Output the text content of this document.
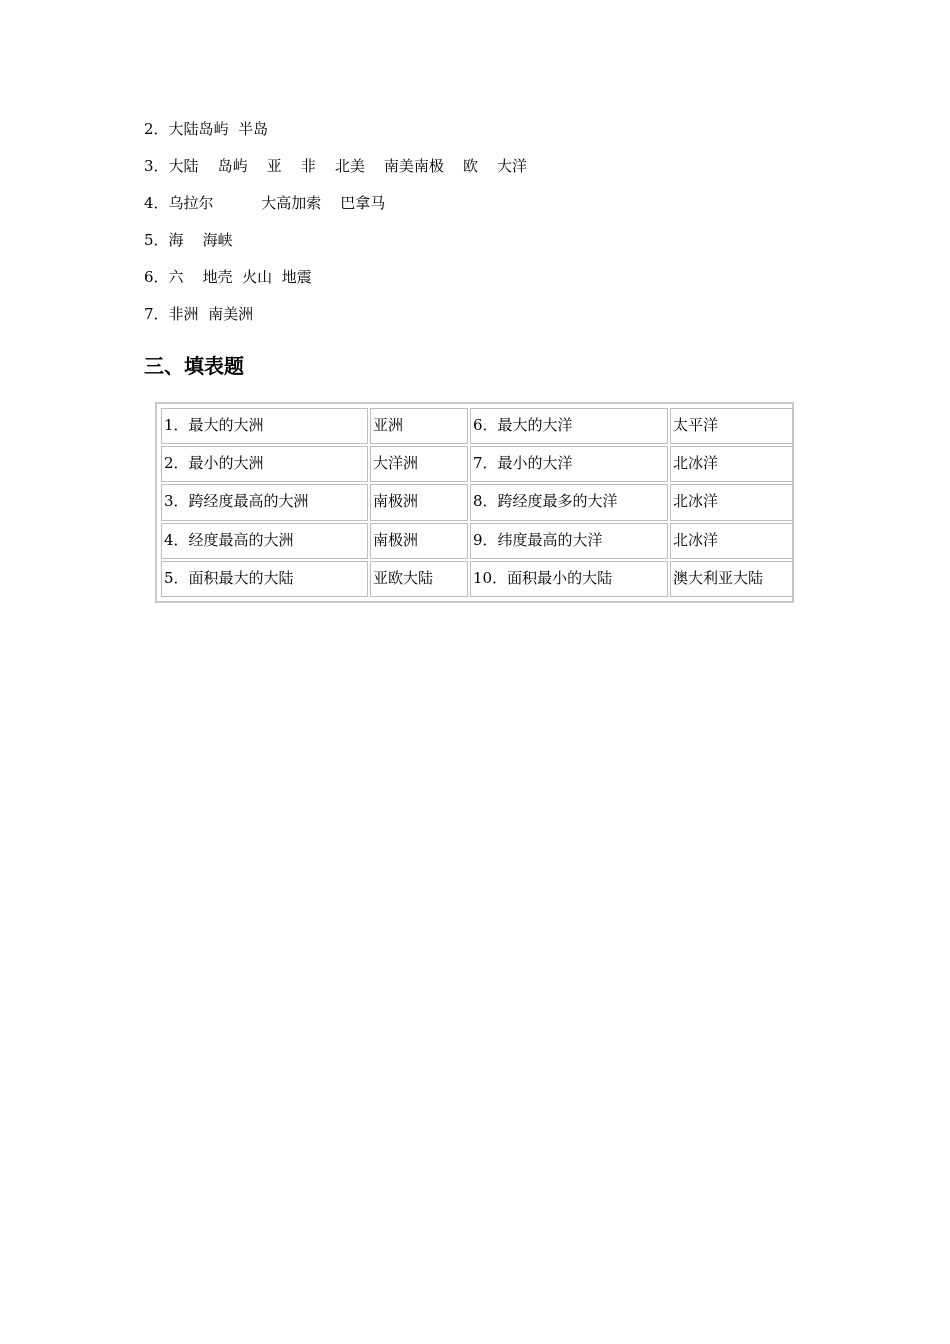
2．大陆岛屿  半岛
3．大陆    岛屿    亚    非    北美    南美南极    欧    大洋
4．乌拉尔          大高加索    巴拿马
5．海    海峡
6．六    地壳  火山  地震
7．非洲  南美洲
三、填表题
1．最大的大洲	亚洲	6．最大的大洋	太平洋
2．最小的大洲	大洋洲	7．最小的大洋	北冰洋
3．跨经度最高的大洲	南极洲	8．跨经度最多的大洋	北冰洋
4．经度最高的大洲	南极洲	9．纬度最高的大洋	北冰洋
5．面积最大的大陆	亚欧大陆	10．面积最小的大陆	澳大利亚大陆
